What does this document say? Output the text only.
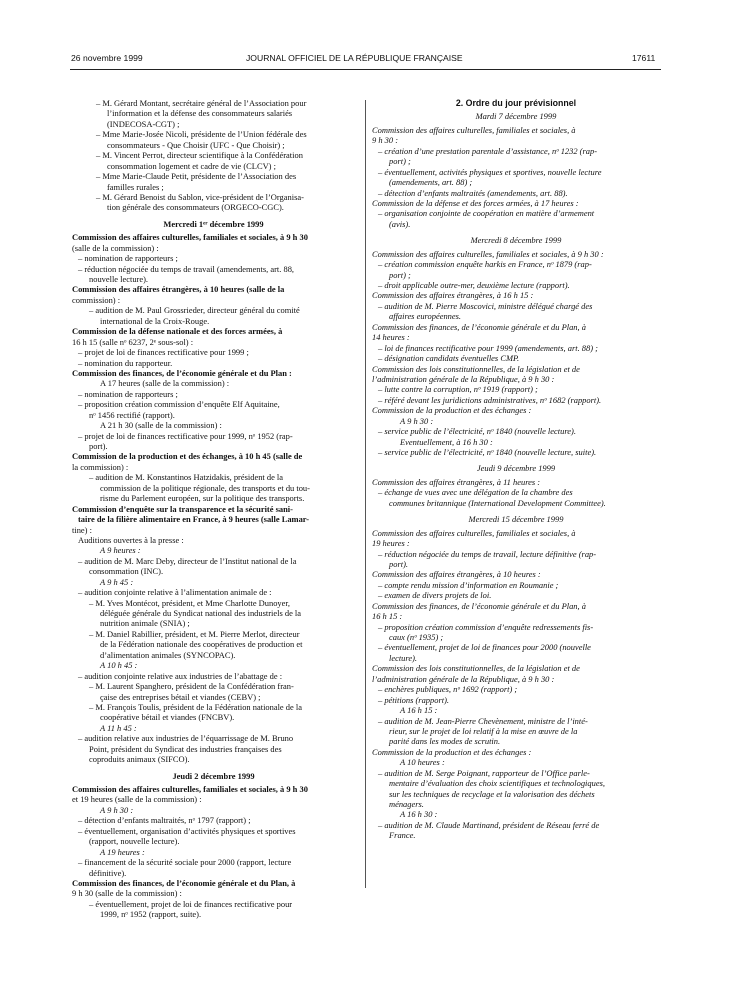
26 novembre 1999	JOURNAL OFFICIEL DE LA RÉPUBLIQUE FRANÇAISE	17611
– M. Gérard Montant, secrétaire général de l’Association pour
l’information et la défense des consommateurs salariés
(INDECOSA-CGT) ;
– Mme Marie-Josée Nicoli, présidente de l’Union fédérale des
consommateurs - Que Choisir (UFC - Que Choisir) ;
– M. Vincent Perrot, directeur scientifique à la Confédération
consommation logement et cadre de vie (CLCV) ;
– Mme Marie-Claude Petit, présidente de l’Association des
familles rurales ;
– M. Gérard Benoist du Sablon, vice-président de l’Organisa-
tion générale des consommateurs (ORGECO-CGC).
Mercredi 1ᵉʳ décembre 1999
Commission des affaires culturelles, familiales et sociales, à 9 h 30
(salle de la commission) :
– nomination de rapporteurs ;
– réduction négociée du temps de travail (amendements, art. 88,
nouvelle lecture).
Commission des affaires étrangères, à 10 heures (salle de la
commission) :
– audition de M. Paul Grossrieder, directeur général du comité
international de la Croix-Rouge.
Commission de la défense nationale et des forces armées, à
16 h 15 (salle nᵒ 6237, 2ᵉ sous-sol) :
– projet de loi de finances rectificative pour 1999 ;
– nomination du rapporteur.
Commission des finances, de l’économie générale et du Plan :
A 17 heures (salle de la commission) :
– nomination de rapporteurs ;
– proposition création commission d’enquête Elf Aquitaine,
nᵒ 1456 rectifié (rapport).
A 21 h 30 (salle de la commission) :
– projet de loi de finances rectificative pour 1999, nᵒ 1952 (rap-
port).
Commission de la production et des échanges, à 10 h 45 (salle de
la commission) :
– audition de M. Konstantinos Hatzidakis, président de la
commission de la politique régionale, des transports et du tou-
risme du Parlement européen, sur la politique des transports.
Commission d’enquête sur la transparence et la sécurité sani-
taire de la filière alimentaire en France, à 9 heures (salle Lamar-
tine) :
Auditions ouvertes à la presse :
A 9 heures :
– audition de M. Marc Deby, directeur de l’Institut national de la
consommation (INC).
A 9 h 45 :
– audition conjointe relative à l’alimentation animale de :
– M. Yves Montécot, président, et Mme Charlotte Dunoyer,
déléguée générale du Syndicat national des industriels de la
nutrition animale (SNIA) ;
– M. Daniel Rabillier, président, et M. Pierre Merlot, directeur
de la Fédération nationale des coopératives de production et
d’alimentation animales (SYNCOPAC).
A 10 h 45 :
– audition conjointe relative aux industries de l’abattage de :
– M. Laurent Spanghero, président de la Confédération fran-
çaise des entreprises bétail et viandes (CEBV) ;
– M. François Toulis, président de la Fédération nationale de la
coopérative bétail et viandes (FNCBV).
A 11 h 45 :
– audition relative aux industries de l’équarrissage de M. Bruno
Point, président du Syndicat des industries françaises des
coproduits animaux (SIFCO).
Jeudi 2 décembre 1999
Commission des affaires culturelles, familiales et sociales, à 9 h 30
et 19 heures (salle de la commission) :
A 9 h 30 :
– détection d’enfants maltraités, nᵒ 1797 (rapport) ;
– éventuellement, organisation d’activités physiques et sportives
(rapport, nouvelle lecture).
A 19 heures :
– financement de la sécurité sociale pour 2000 (rapport, lecture
définitive).
Commission des finances, de l’économie générale et du Plan, à
9 h 30 (salle de la commission) :
– éventuellement, projet de loi de finances rectificative pour
1999, nᵒ 1952 (rapport, suite).
2. Ordre du jour prévisionnel
Mardi 7 décembre 1999
Commission des affaires culturelles, familiales et sociales, à
9 h 30 :
– création d’une prestation parentale d’assistance, nᵒ 1232 (rap-
port) ;
– éventuellement, activités physiques et sportives, nouvelle lecture
(amendements, art. 88) ;
– détection d’enfants maltraités (amendements, art. 88).
Commission de la défense et des forces armées, à 17 heures :
– organisation conjointe de coopération en matière d’armement
(avis).
Mercredi 8 décembre 1999
Commission des affaires culturelles, familiales et sociales, à 9 h 30 :
– création commission enquête harkis en France, nᵒ 1879 (rap-
port) ;
– droit applicable outre-mer, deuxième lecture (rapport).
Commission des affaires étrangères, à 16 h 15 :
– audition de M. Pierre Moscovici, ministre délégué chargé des
affaires européennes.
Commission des finances, de l’économie générale et du Plan, à
14 heures :
– loi de finances rectificative pour 1999 (amendements, art. 88) ;
– désignation candidats éventuelles CMP.
Commission des lois constitutionnelles, de la législation et de
l’administration générale de la République, à 9 h 30 :
– lutte contre la corruption, nᵒ 1919 (rapport) ;
– référé devant les juridictions administratives, nᵒ 1682 (rapport).
Commission de la production et des échanges :
A 9 h 30 :
– service public de l’électricité, nᵒ 1840 (nouvelle lecture).
Eventuellement, à 16 h 30 :
– service public de l’électricité, nᵒ 1840 (nouvelle lecture, suite).
Jeudi 9 décembre 1999
Commission des affaires étrangères, à 11 heures :
– échange de vues avec une délégation de la chambre des
communes britannique (International Development Committee).
Mercredi 15 décembre 1999
Commission des affaires culturelles, familiales et sociales, à
19 heures :
– réduction négociée du temps de travail, lecture définitive (rap-
port).
Commission des affaires étrangères, à 10 heures :
– compte rendu mission d’information en Roumanie ;
– examen de divers projets de loi.
Commission des finances, de l’économie générale et du Plan, à
16 h 15 :
– proposition création commission d’enquête redressements fis-
caux (nᵒ 1935) ;
– éventuellement, projet de loi de finances pour 2000 (nouvelle
lecture).
Commission des lois constitutionnelles, de la législation et de
l’administration générale de la République, à 9 h 30 :
– enchères publiques, nᵒ 1692 (rapport) ;
– pétitions (rapport).
A 16 h 15 :
– audition de M. Jean-Pierre Chevènement, ministre de l’inté-
rieur, sur le projet de loi relatif à la mise en œuvre de la
parité dans les modes de scrutin.
Commission de la production et des échanges :
A 10 heures :
– audition de M. Serge Poignant, rapporteur de l’Office parle-
mentaire d’évaluation des choix scientifiques et technologiques,
sur les techniques de recyclage et la valorisation des déchets
ménagers.
A 16 h 30 :
– audition de M. Claude Martinand, président de Réseau ferré de
France.
